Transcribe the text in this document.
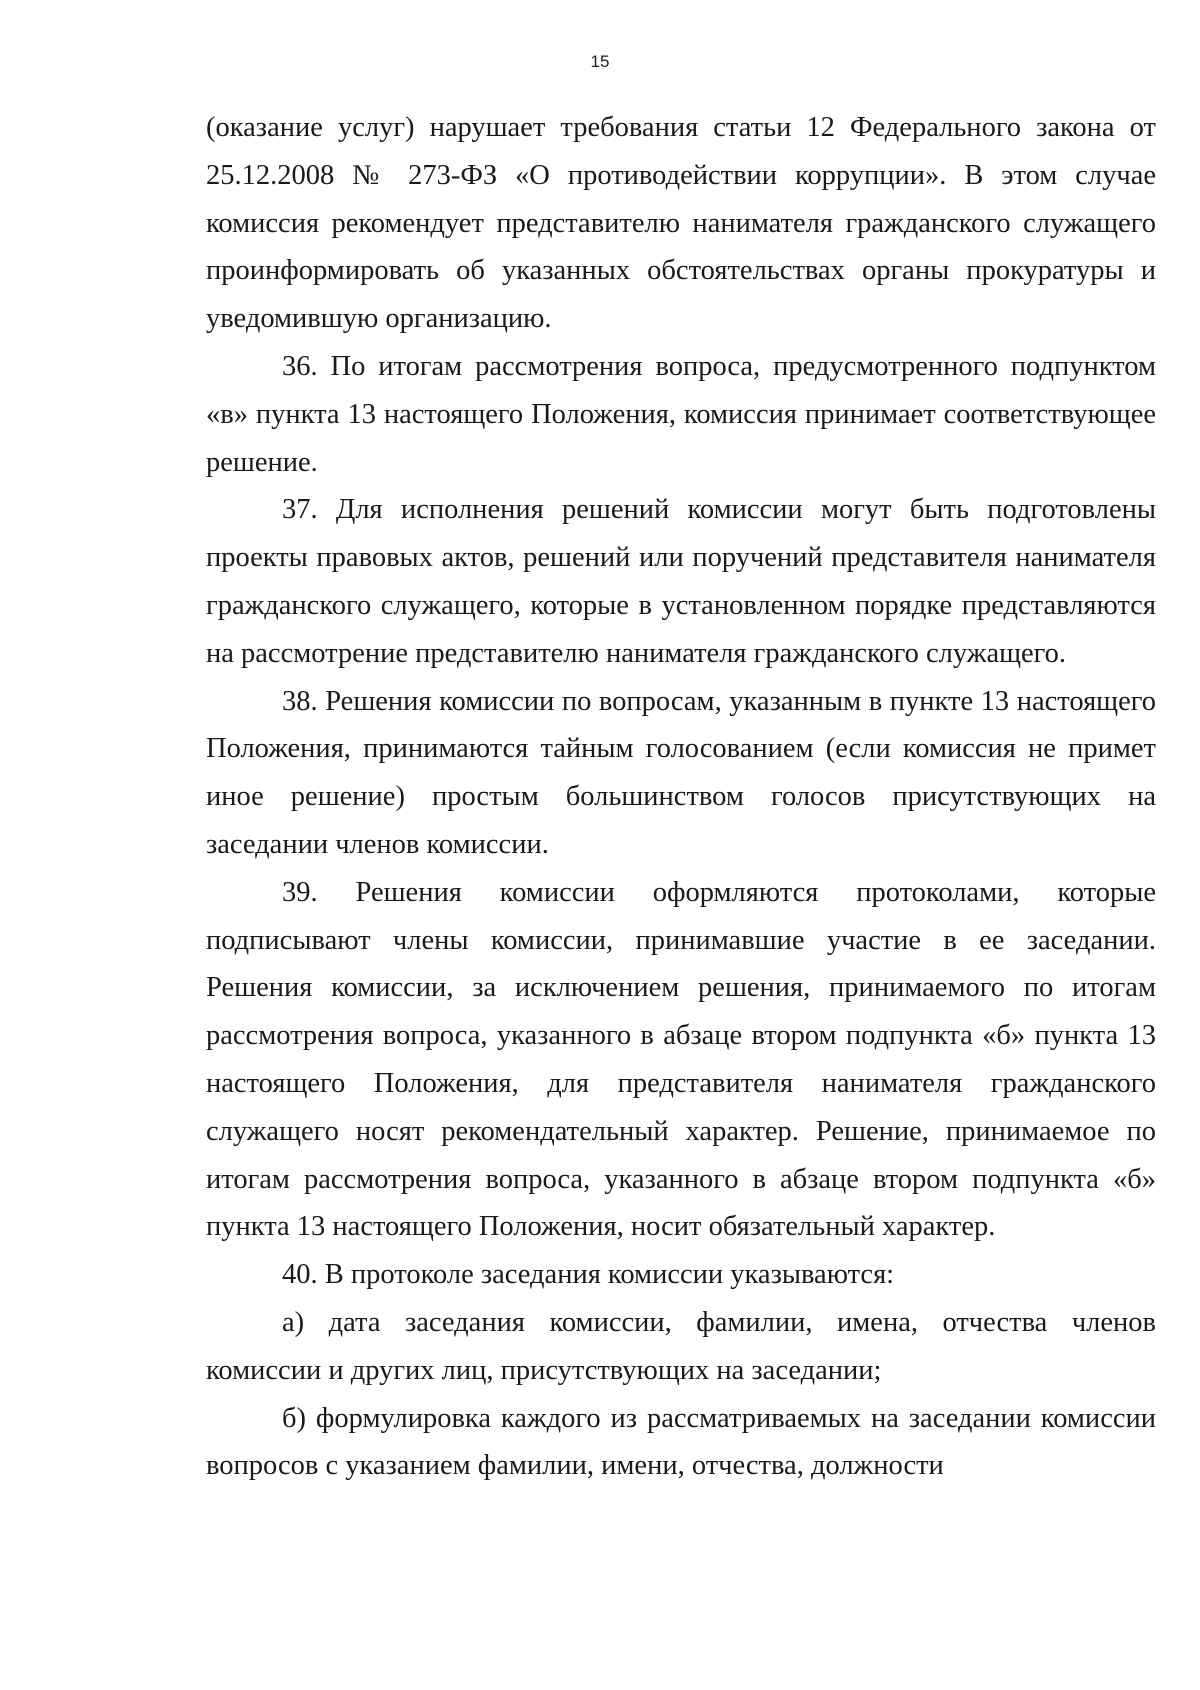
15

(оказание услуг) нарушает требования статьи 12 Федерального закона от 25.12.2008 № 273-ФЗ «О противодействии коррупции». В этом случае комиссия рекомендует представителю нанимателя гражданского служащего проинформировать об указанных обстоятельствах органы прокуратуры и уведомившую организацию.

36. По итогам рассмотрения вопроса, предусмотренного подпунктом «в» пункта 13 настоящего Положения, комиссия принимает соответствующее решение.

37. Для исполнения решений комиссии могут быть подготовлены проекты правовых актов, решений или поручений представителя нанимателя гражданского служащего, которые в установленном порядке представляются на рассмотрение представителю нанимателя гражданского служащего.

38. Решения комиссии по вопросам, указанным в пункте 13 настоящего Положения, принимаются тайным голосованием (если комиссия не примет иное решение) простым большинством голосов присутствующих на заседании членов комиссии.

39. Решения комиссии оформляются протоколами, которые подписывают члены комиссии, принимавшие участие в ее заседании. Решения комиссии, за исключением решения, принимаемого по итогам рассмотрения вопроса, указанного в абзаце втором подпункта «б» пункта 13 настоящего Положения, для представителя нанимателя гражданского служащего носят рекомендательный характер. Решение, принимаемое по итогам рассмотрения вопроса, указанного в абзаце втором подпункта «б» пункта 13 настоящего Положения, носит обязательный характер.

40. В протоколе заседания комиссии указываются:

а) дата заседания комиссии, фамилии, имена, отчества членов комиссии и других лиц, присутствующих на заседании;

б) формулировка каждого из рассматриваемых на заседании комиссии вопросов с указанием фамилии, имени, отчества, должности
